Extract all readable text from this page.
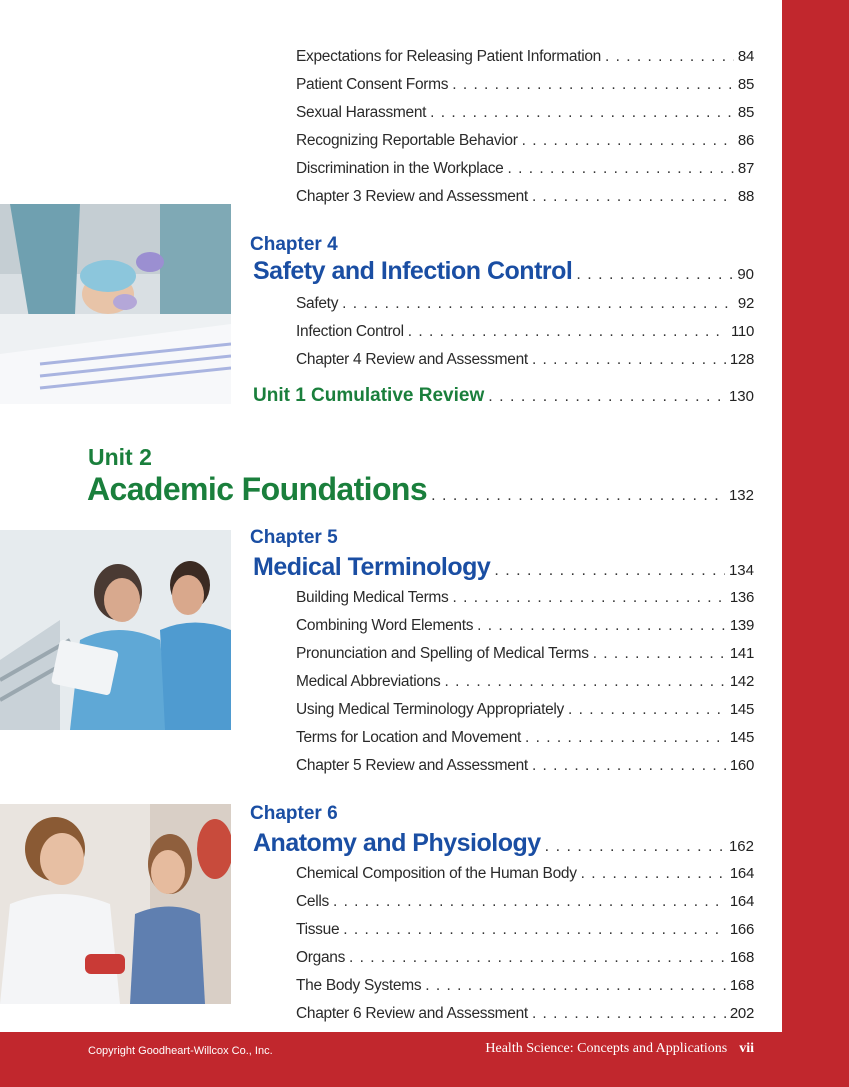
Expectations for Releasing Patient Information . . .	84
Patient Consent Forms . . .	85
Sexual Harassment . . .	85
Recognizing Reportable Behavior . . .	86
Discrimination in the Workplace . . .	87
Chapter 3 Review and Assessment . . .	88
Chapter 4
Safety and Infection Control . . .	90
Safety . . .	92
Infection Control . . .	110
Chapter 4 Review and Assessment . . .	128
Unit 1 Cumulative Review . . .	130
Unit 2
Academic Foundations . . .	132
Chapter 5
Medical Terminology . . .	134
Building Medical Terms . . .	136
Combining Word Elements . . .	139
Pronunciation and Spelling of Medical Terms . . .	141
Medical Abbreviations . . .	142
Using Medical Terminology Appropriately . . .	145
Terms for Location and Movement . . .	145
Chapter 5 Review and Assessment . . .	160
Chapter 6
Anatomy and Physiology . . .	162
Chemical Composition of the Human Body . . .	164
Cells . . .	164
Tissue . . .	166
Organs . . .	168
The Body Systems . . .	168
Chapter 6 Review and Assessment . . .	202
Copyright Goodheart-Willcox Co., Inc.	Health Science: Concepts and Applications vii
